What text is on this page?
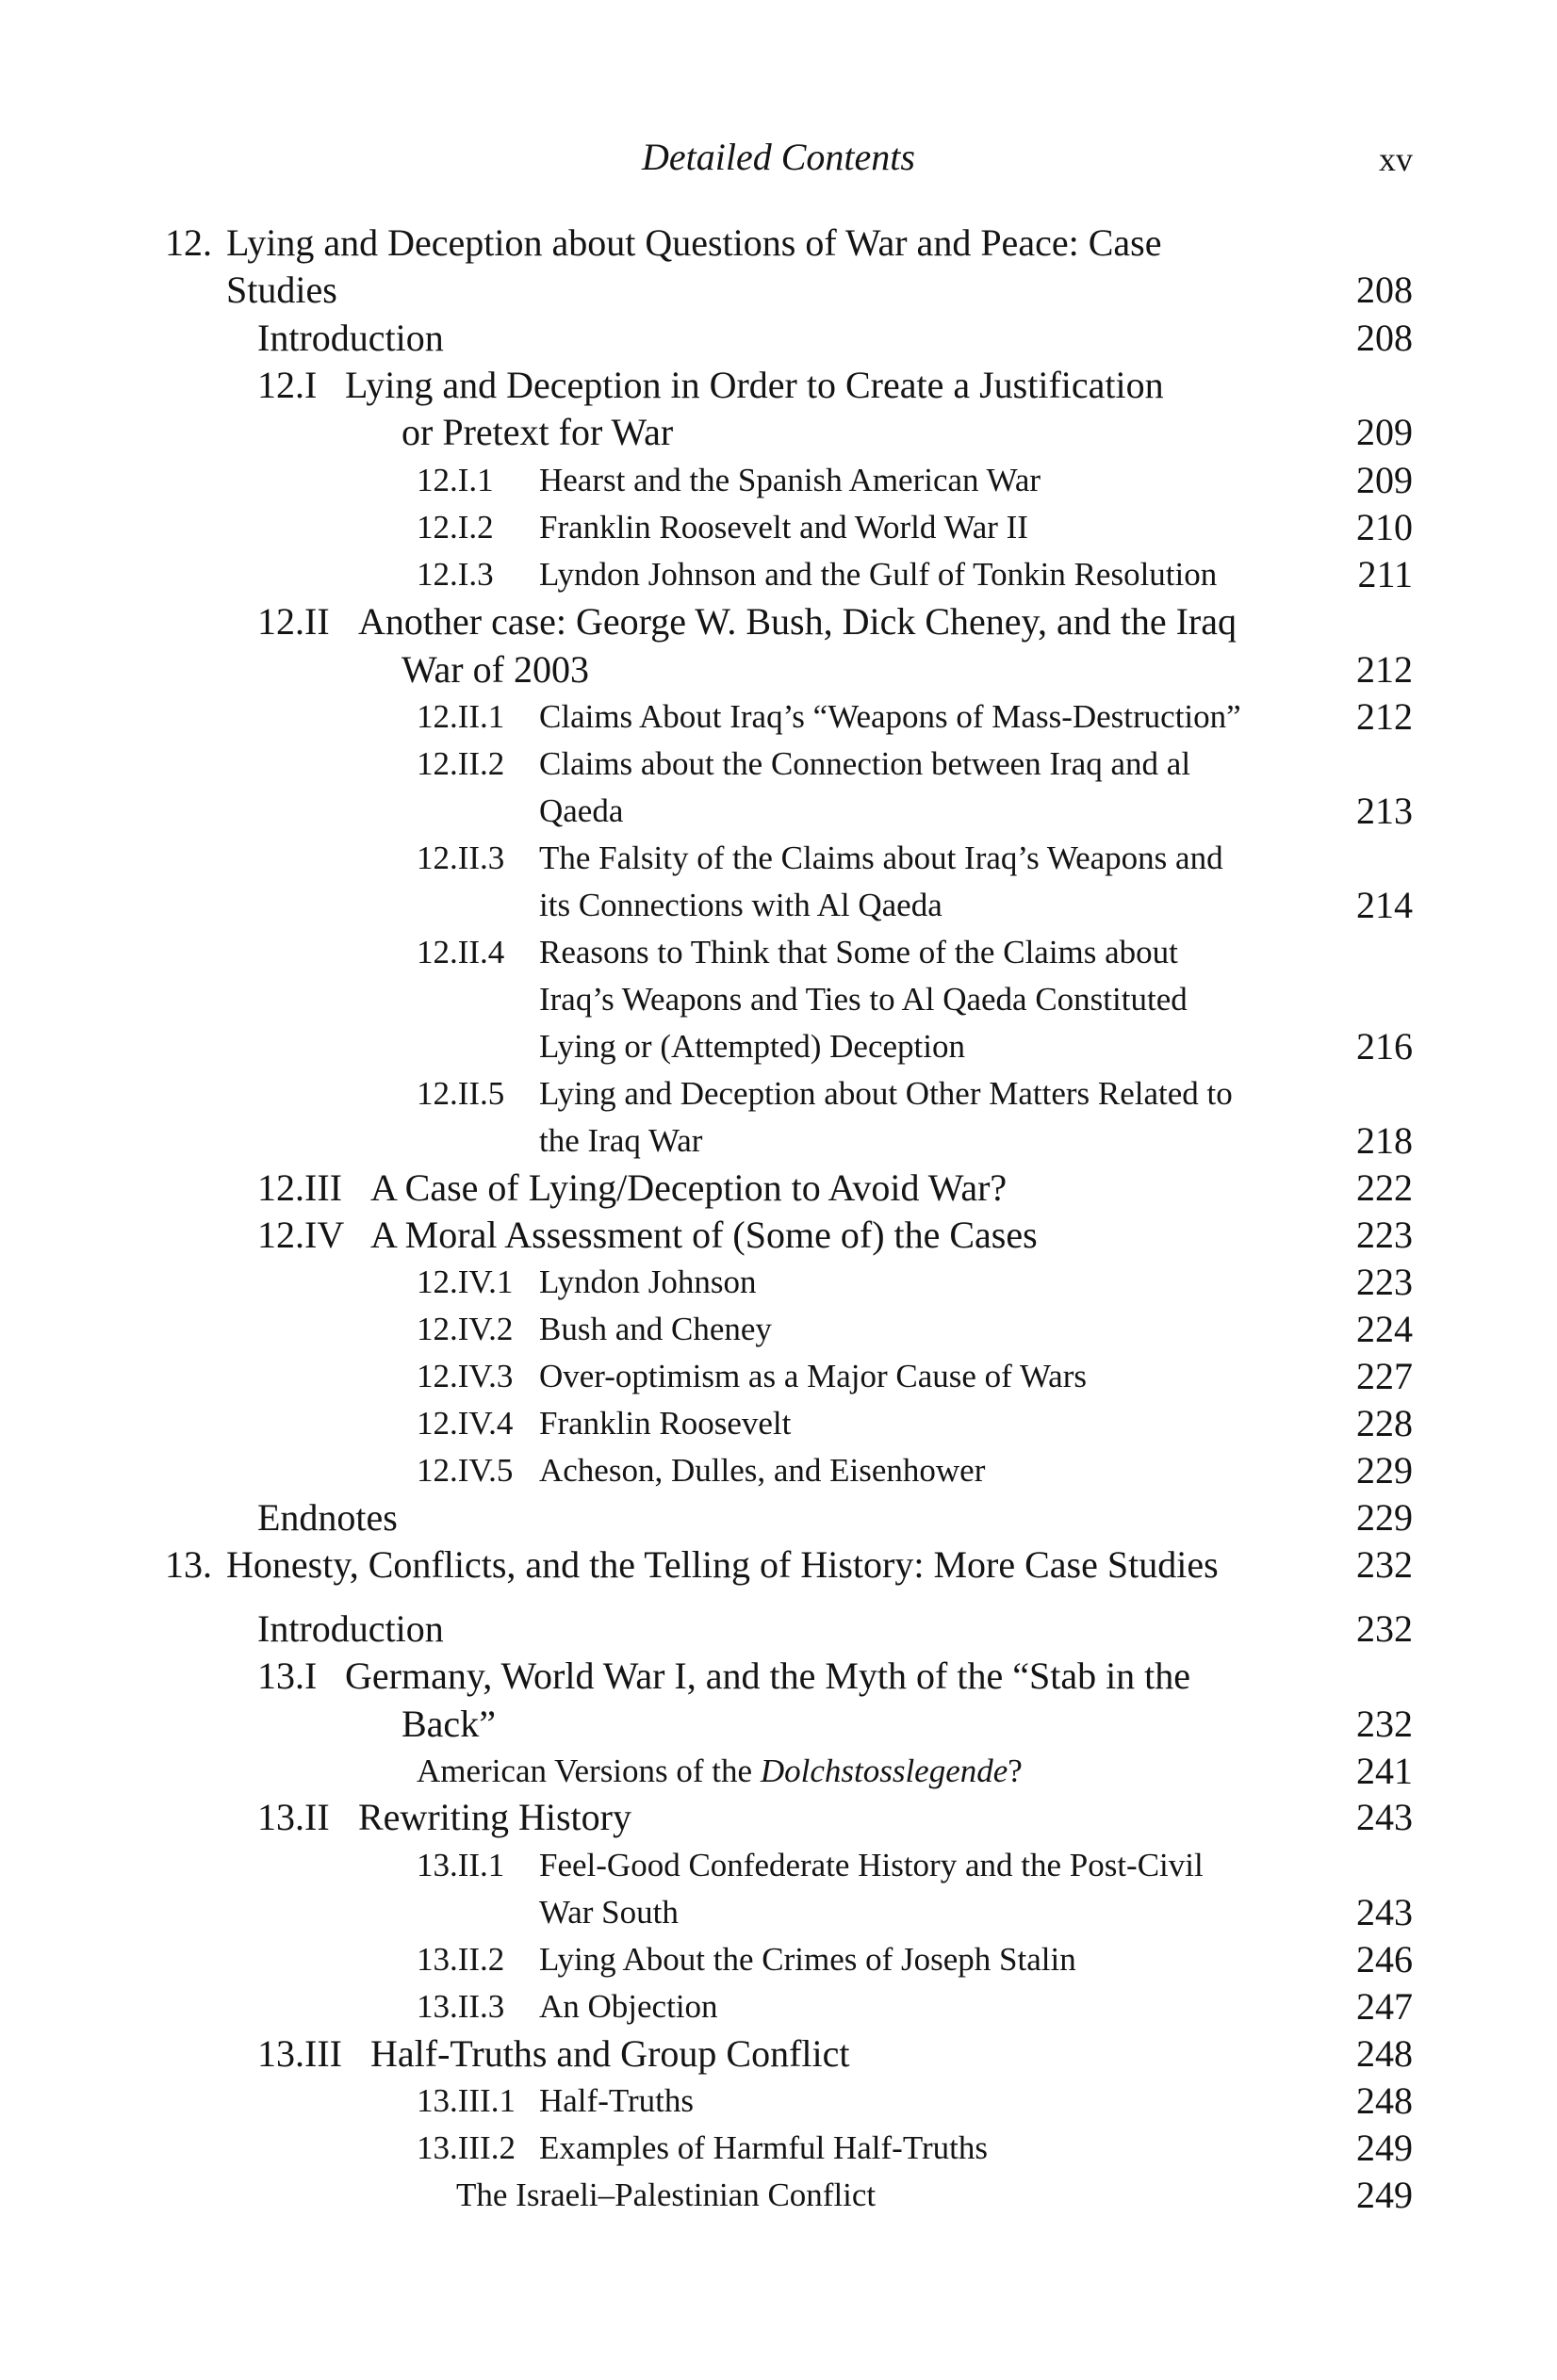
Detailed Contents	xv
12. Lying and Deception about Questions of War and Peace: Case
Studies	208
Introduction	208
12.I Lying and Deception in Order to Create a Justification
or Pretext for War	209
12.I.1 Hearst and the Spanish American War	209
12.I.2 Franklin Roosevelt and World War II	210
12.I.3 Lyndon Johnson and the Gulf of Tonkin Resolution	211
12.II Another case: George W. Bush, Dick Cheney, and the Iraq
War of 2003	212
12.II.1 Claims About Iraq’s “Weapons of Mass-Destruction”	212
12.II.2 Claims about the Connection between Iraq and al
Qaeda	213
12.II.3 The Falsity of the Claims about Iraq’s Weapons and
its Connections with Al Qaeda	214
12.II.4 Reasons to Think that Some of the Claims about
Iraq’s Weapons and Ties to Al Qaeda Constituted
Lying or (Attempted) Deception	216
12.II.5 Lying and Deception about Other Matters Related to
the Iraq War	218
12.III A Case of Lying/Deception to Avoid War?	222
12.IV A Moral Assessment of (Some of) the Cases	223
12.IV.1 Lyndon Johnson	223
12.IV.2 Bush and Cheney	224
12.IV.3 Over-optimism as a Major Cause of Wars	227
12.IV.4 Franklin Roosevelt	228
12.IV.5 Acheson, Dulles, and Eisenhower	229
Endnotes	229
13. Honesty, Conflicts, and the Telling of History: More Case Studies	232
Introduction	232
13.I Germany, World War I, and the Myth of the “Stab in the
Back”	232
American Versions of the Dolchstosslegende?	241
13.II Rewriting History	243
13.II.1 Feel-Good Confederate History and the Post-Civil
War South	243
13.II.2 Lying About the Crimes of Joseph Stalin	246
13.II.3 An Objection	247
13.III Half-Truths and Group Conflict	248
13.III.1 Half-Truths	248
13.III.2 Examples of Harmful Half-Truths	249
The Israeli–Palestinian Conflict	249
